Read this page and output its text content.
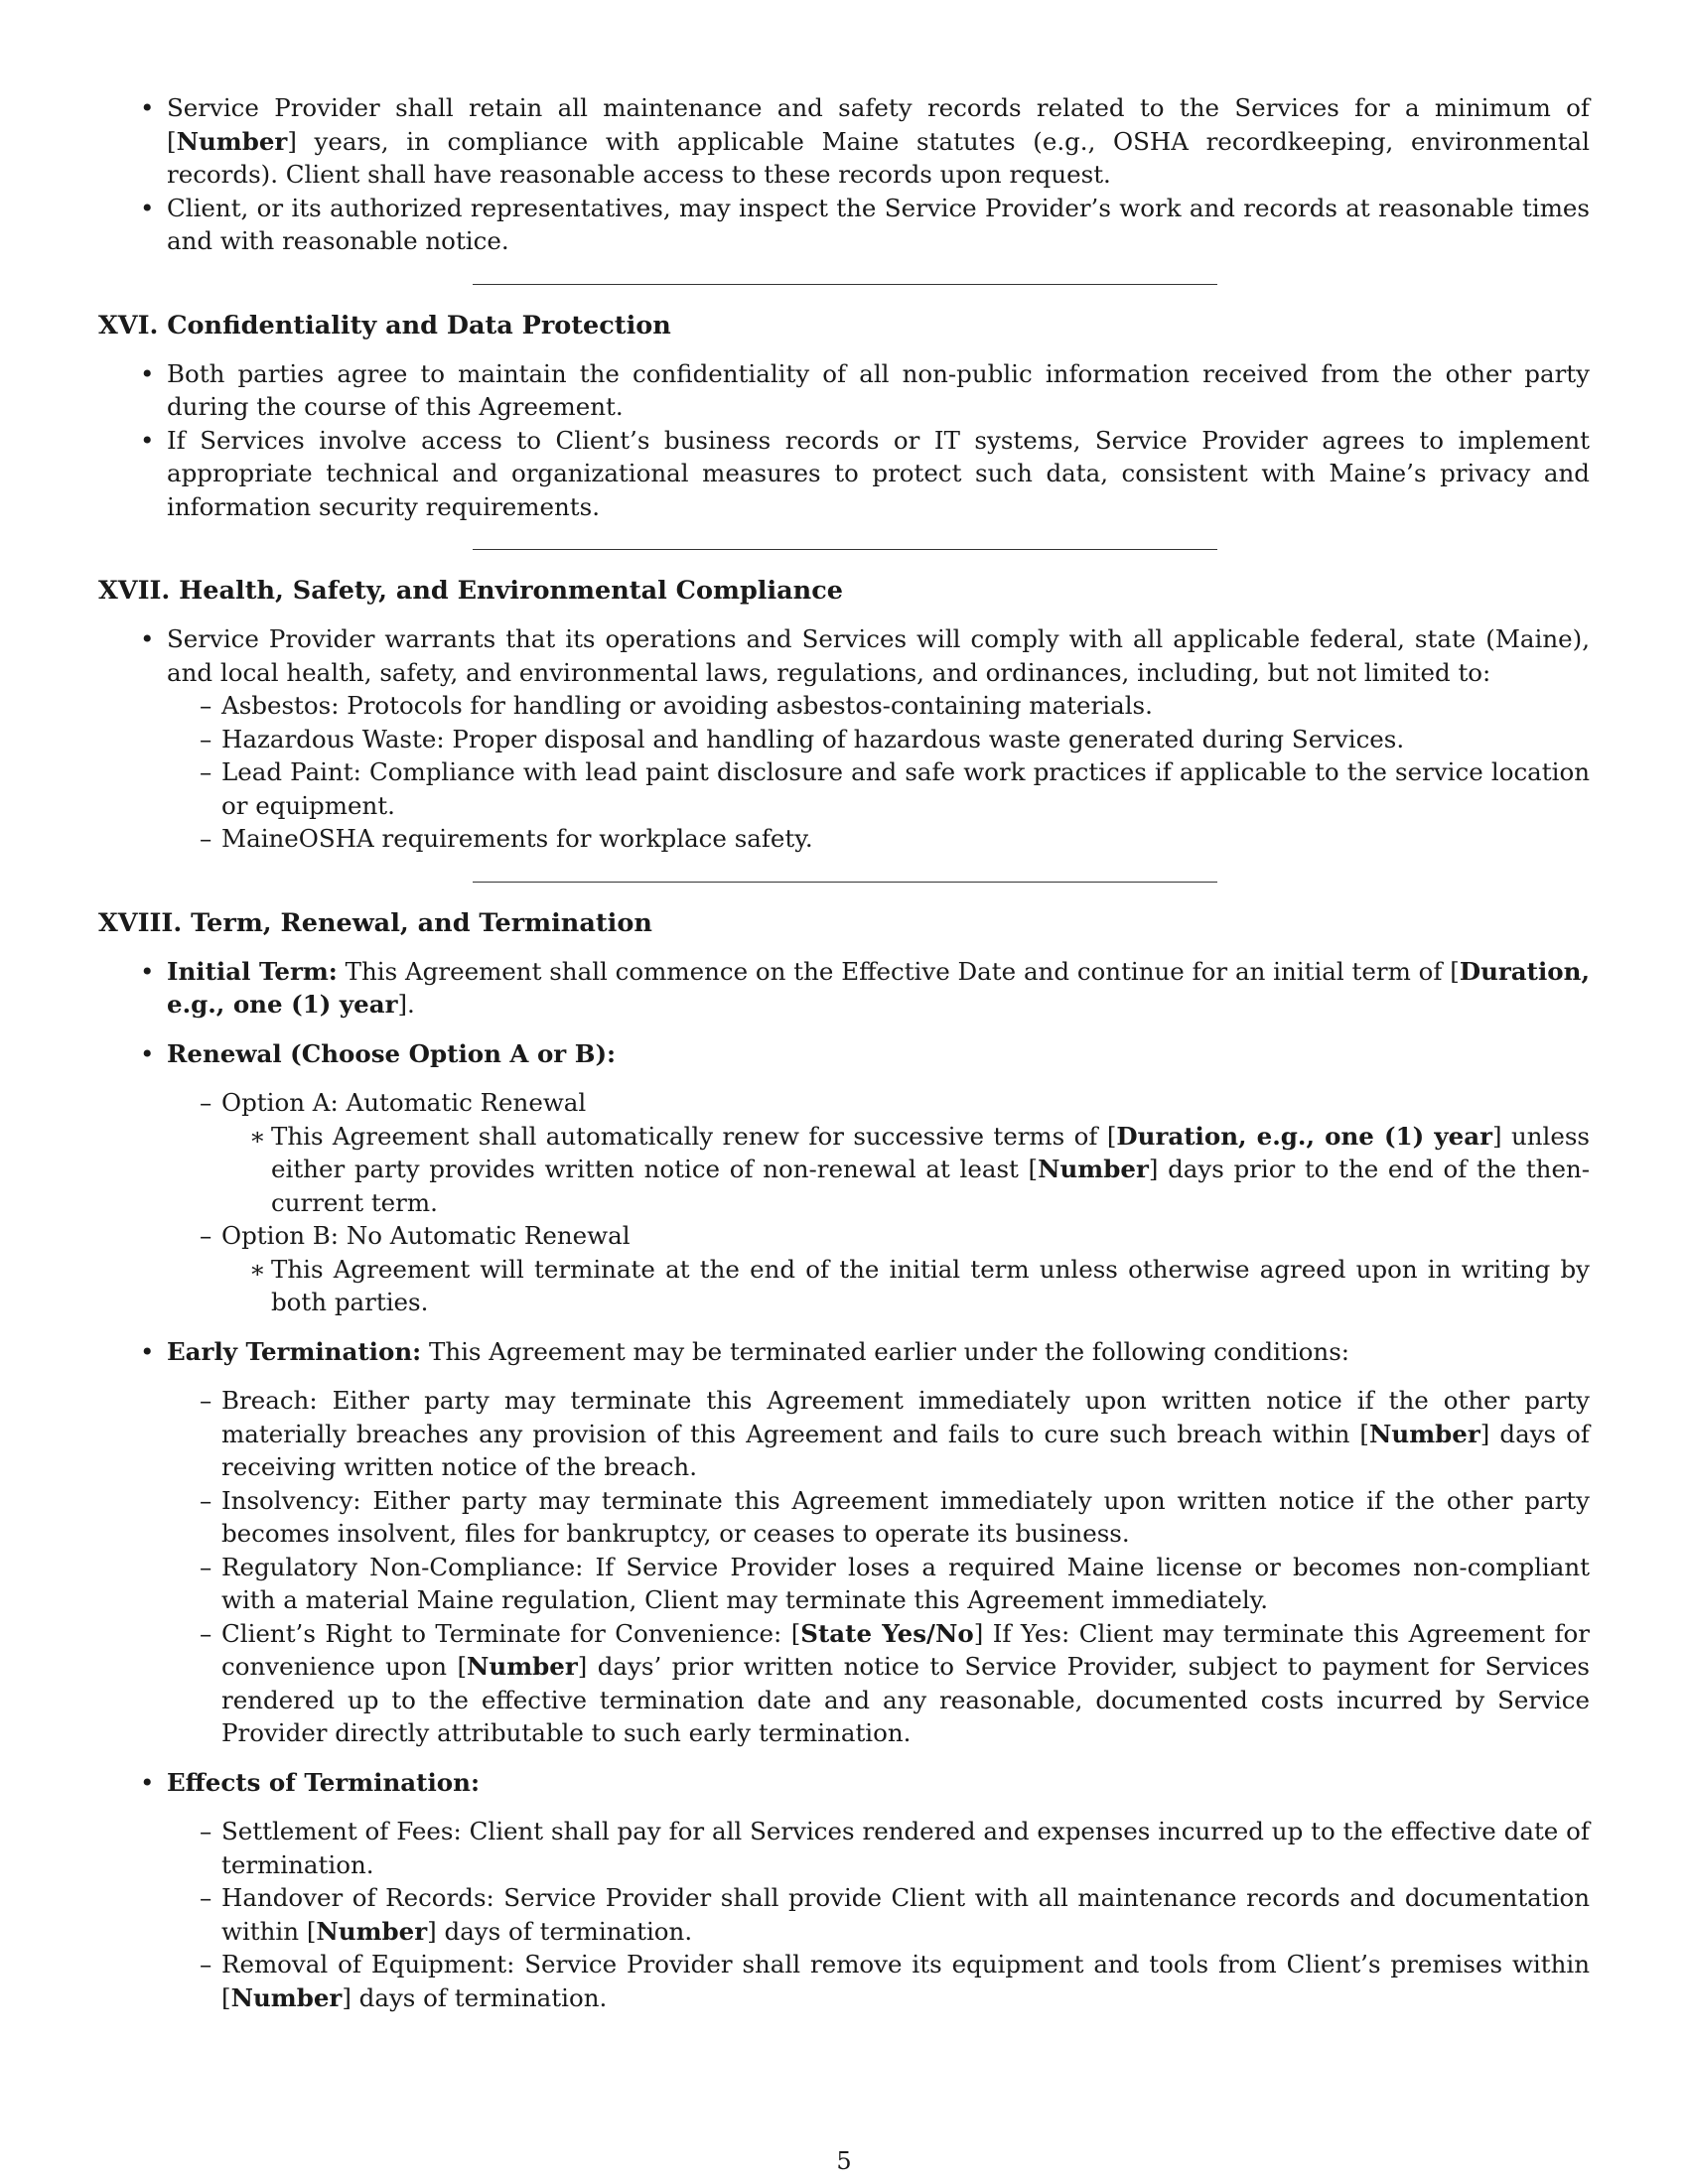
• Service Provider shall retain all maintenance and safety records related to the Services for a minimum of [Number] years, in compliance with applicable Maine statutes (e.g., OSHA recordkeeping, environmental records). Client shall have reasonable access to these records upon request.
• Client, or its authorized representatives, may inspect the Service Provider’s work and records at reasonable times and with reasonable notice.
XVI. Confidentiality and Data Protection
• Both parties agree to maintain the confidentiality of all non-public information received from the other party during the course of this Agreement.
• If Services involve access to Client’s business records or IT systems, Service Provider agrees to implement appropriate technical and organizational measures to protect such data, consistent with Maine’s privacy and information security requirements.
XVII. Health, Safety, and Environmental Compliance
• Service Provider warrants that its operations and Services will comply with all applicable federal, state (Maine), and local health, safety, and environmental laws, regulations, and ordinances, including, but not limited to:
– Asbestos: Protocols for handling or avoiding asbestos-containing materials.
– Hazardous Waste: Proper disposal and handling of hazardous waste generated during Services.
– Lead Paint: Compliance with lead paint disclosure and safe work practices if applicable to the service location or equipment.
– MaineOSHA requirements for workplace safety.
XVIII. Term, Renewal, and Termination
• Initial Term: This Agreement shall commence on the Effective Date and continue for an initial term of [Duration, e.g., one (1) year].
• Renewal (Choose Option A or B):
– Option A: Automatic Renewal
∗ This Agreement shall automatically renew for successive terms of [Duration, e.g., one (1) year] unless either party provides written notice of non-renewal at least [Number] days prior to the end of the then-current term.
– Option B: No Automatic Renewal
∗ This Agreement will terminate at the end of the initial term unless otherwise agreed upon in writing by both parties.
• Early Termination: This Agreement may be terminated earlier under the following conditions:
– Breach: Either party may terminate this Agreement immediately upon written notice if the other party materially breaches any provision of this Agreement and fails to cure such breach within [Number] days of receiving written notice of the breach.
– Insolvency: Either party may terminate this Agreement immediately upon written notice if the other party becomes insolvent, files for bankruptcy, or ceases to operate its business.
– Regulatory Non-Compliance: If Service Provider loses a required Maine license or becomes non-compliant with a material Maine regulation, Client may terminate this Agreement immediately.
– Client’s Right to Terminate for Convenience: [State Yes/No] If Yes: Client may terminate this Agreement for convenience upon [Number] days’ prior written notice to Service Provider, subject to payment for Services rendered up to the effective termination date and any reasonable, documented costs incurred by Service Provider directly attributable to such early termination.
• Effects of Termination:
– Settlement of Fees: Client shall pay for all Services rendered and expenses incurred up to the effective date of termination.
– Handover of Records: Service Provider shall provide Client with all maintenance records and documentation within [Number] days of termination.
– Removal of Equipment: Service Provider shall remove its equipment and tools from Client’s premises within [Number] days of termination.
5
